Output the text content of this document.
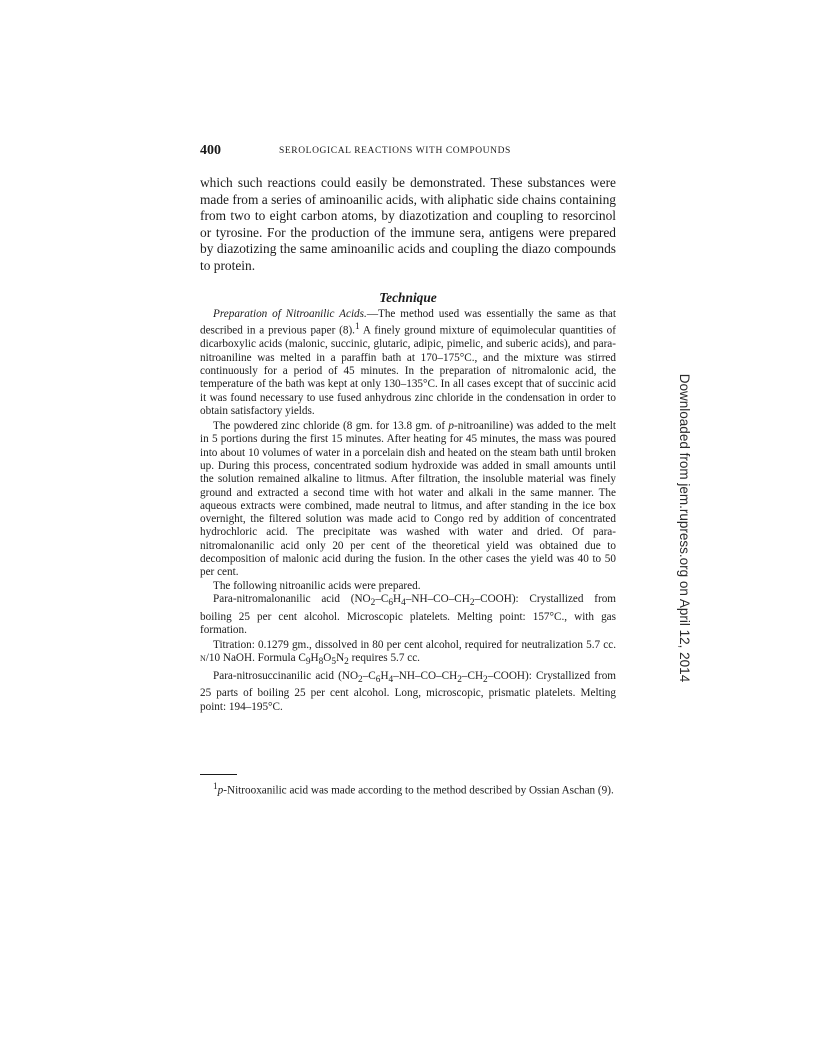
400	SEROLOGICAL REACTIONS WITH COMPOUNDS

which such reactions could easily be demonstrated. These substances were made from a series of aminoanilic acids, with aliphatic side chains containing from two to eight carbon atoms, by diazotization and coupling to resorcinol or tyrosine. For the production of the immune sera, antigens were prepared by diazotizing the same aminoanilic acids and coupling the diazo compounds to protein.

Technique

Preparation of Nitroanilic Acids.—The method used was essentially the same as that described in a previous paper (8).$^1$ A finely ground mixture of equimolecular quantities of dicarboxylic acids (malonic, succinic, glutaric, adipic, pimelic, and suberic acids), and para-nitroaniline was melted in a paraffin bath at 170–175°C., and the mixture was stirred continuously for a period of 45 minutes. In the preparation of nitromalonic acid, the temperature of the bath was kept at only 130–135°C. In all cases except that of succinic acid it was found necessary to use fused anhydrous zinc chloride in the condensation in order to obtain satisfactory yields.

The powdered zinc chloride (8 gm. for 13.8 gm. of p-nitroaniline) was added to the melt in 5 portions during the first 15 minutes. After heating for 45 minutes, the mass was poured into about 10 volumes of water in a porcelain dish and heated on the steam bath until broken up. During this process, concentrated sodium hydroxide was added in small amounts until the solution remained alkaline to litmus. After filtration, the insoluble material was finely ground and extracted a second time with hot water and alkali in the same manner. The aqueous extracts were combined, made neutral to litmus, and after standing in the ice box overnight, the filtered solution was made acid to Congo red by addition of concentrated hydrochloric acid. The precipitate was washed with water and dried. Of para-nitromalonanilic acid only 20 per cent of the theoretical yield was obtained due to decomposition of malonic acid during the fusion. In the other cases the yield was 40 to 50 per cent.

The following nitroanilic acids were prepared.

Para-nitromalonanilic acid $(NO_2-C_6H_4-NH-CO-CH_2-COOH)$: Crystallized from boiling 25 per cent alcohol. Microscopic platelets. Melting point: 157°C., with gas formation.

Titration: 0.1279 gm., dissolved in 80 per cent alcohol, required for neutralization 5.7 cc. n/10 NaOH. Formula $C_9H_8O_5N_2$ requires 5.7 cc.

Para-nitrosuccinanilic acid $(NO_2-C_6H_4-NH-CO-CH_2-CH_2-COOH)$: Crystallized from 25 parts of boiling 25 per cent alcohol. Long, microscopic, prismatic platelets. Melting point: 194–195°C.

$^1$p-Nitrooxanilic acid was made according to the method described by Ossian Aschan (9).

Downloaded from jem.rupress.org on April 12, 2014
